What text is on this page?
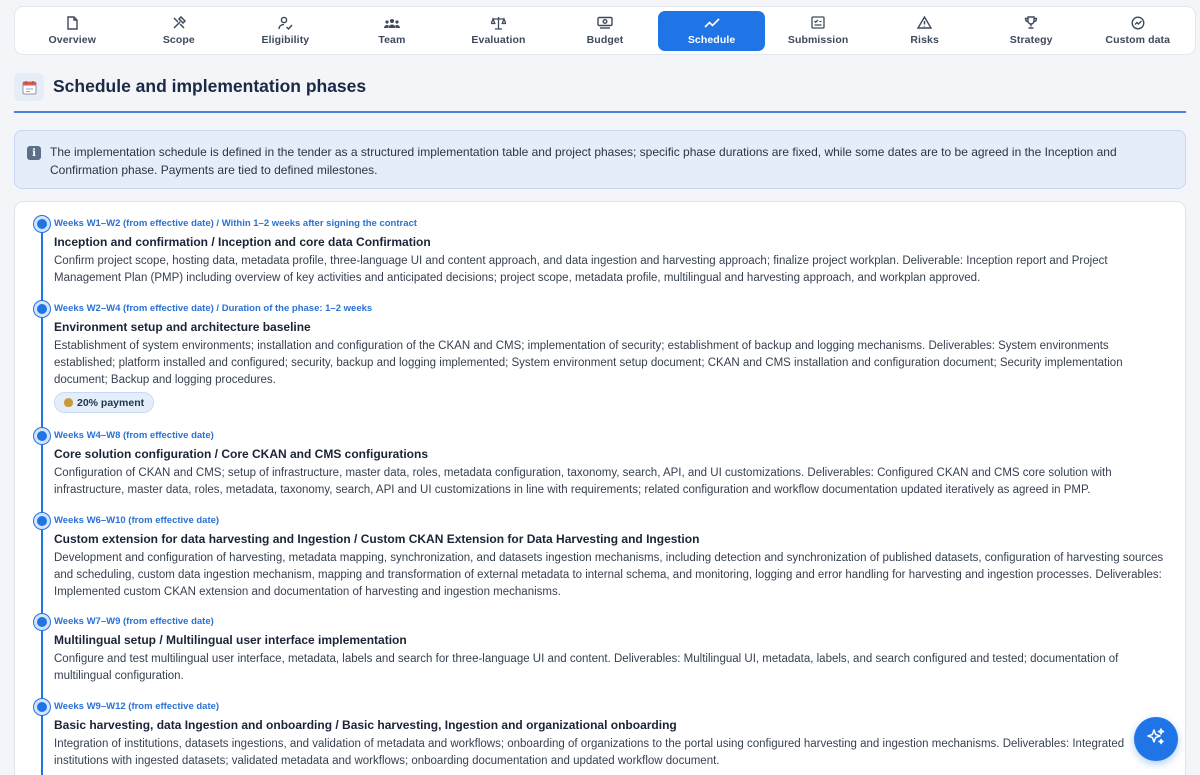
Overview	Scope	Eligibility	Team	Evaluation	Budget	Schedule	Submission	Risks	Strategy	Custom data
Schedule and implementation phases
i	The implementation schedule is defined in the tender as a structured implementation table and project phases; specific phase durations are fixed, while some dates are to be agreed in the Inception and Confirmation phase. Payments are tied to defined milestones.
Weeks W1–W2 (from effective date) / Within 1–2 weeks after signing the contract
Inception and confirmation / Inception and core data Confirmation
Confirm project scope, hosting data, metadata profile, three-language UI and content approach, and data ingestion and harvesting approach; finalize project workplan. Deliverable: Inception report and Project Management Plan (PMP) including overview of key activities and anticipated decisions; project scope, metadata profile, multilingual and harvesting approach, and workplan approved.
Weeks W2–W4 (from effective date) / Duration of the phase: 1–2 weeks
Environment setup and architecture baseline
Establishment of system environments; installation and configuration of the CKAN and CMS; implementation of security; establishment of backup and logging mechanisms. Deliverables: System environments established; platform installed and configured; security, backup and logging implemented; System environment setup document; CKAN and CMS installation and configuration document; Security implementation document; Backup and logging procedures.
20% payment
Weeks W4–W8 (from effective date)
Core solution configuration / Core CKAN and CMS configurations
Configuration of CKAN and CMS; setup of infrastructure, master data, roles, metadata configuration, taxonomy, search, API, and UI customizations. Deliverables: Configured CKAN and CMS core solution with infrastructure, master data, roles, metadata, taxonomy, search, API and UI customizations in line with requirements; related configuration and workflow documentation updated iteratively as agreed in PMP.
Weeks W6–W10 (from effective date)
Custom extension for data harvesting and Ingestion / Custom CKAN Extension for Data Harvesting and Ingestion
Development and configuration of harvesting, metadata mapping, synchronization, and datasets ingestion mechanisms, including detection and synchronization of published datasets, configuration of harvesting sources and scheduling, custom data ingestion mechanism, mapping and transformation of external metadata to internal schema, and monitoring, logging and error handling for harvesting and ingestion processes. Deliverables: Implemented custom CKAN extension and documentation of harvesting and ingestion mechanisms.
Weeks W7–W9 (from effective date)
Multilingual setup / Multilingual user interface implementation
Configure and test multilingual user interface, metadata, labels and search for three-language UI and content. Deliverables: Multilingual UI, metadata, labels, and search configured and tested; documentation of multilingual configuration.
Weeks W9–W12 (from effective date)
Basic harvesting, data Ingestion and onboarding / Basic harvesting, Ingestion and organizational onboarding
Integration of institutions, datasets ingestions, and validation of metadata and workflows; onboarding of organizations to the portal using configured harvesting and ingestion mechanisms. Deliverables: Integrated institutions with ingested datasets; validated metadata and workflows; onboarding documentation and updated workflow document.
